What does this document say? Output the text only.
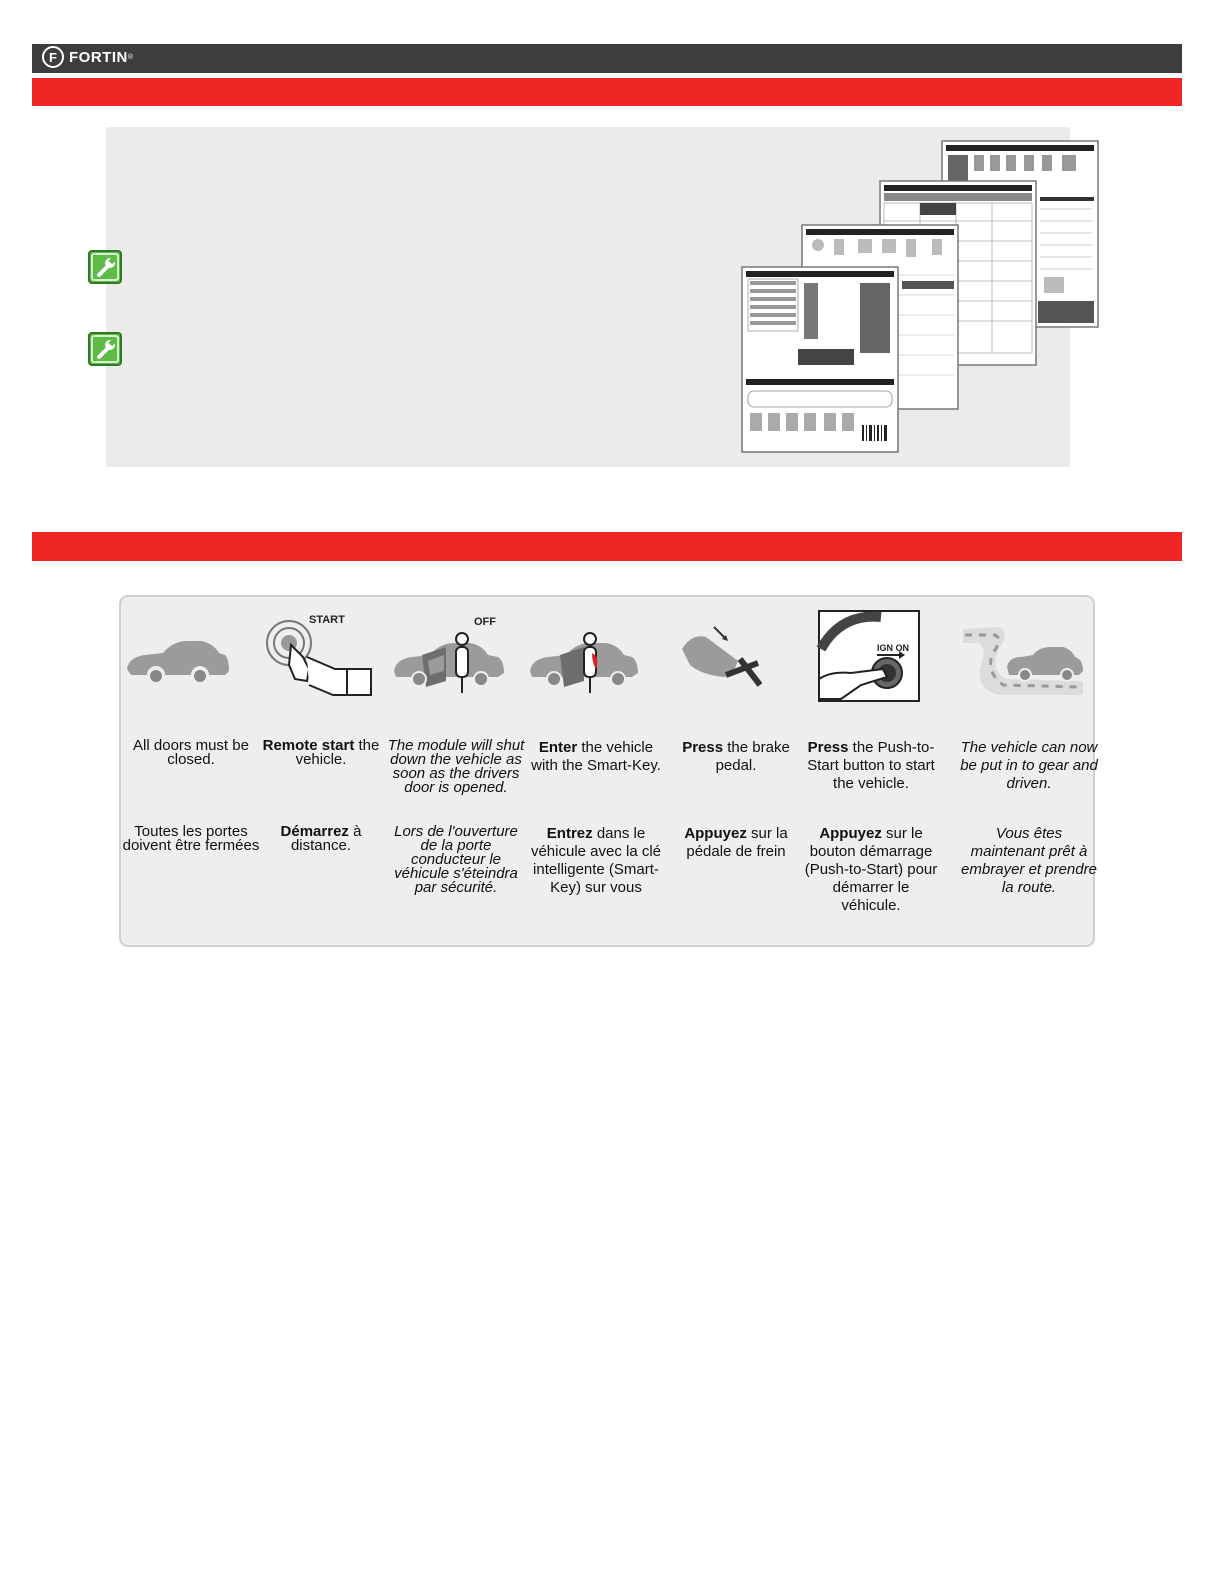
F FORTIN ®
All doors must be closed.
Toutes les portes doivent être fermées
START
Remote start the vehicle.
Démarrez à distance.
OFF
The module will shut down the vehicle as soon as the drivers door is opened.
Lors de l'ouverture de la porte conducteur le véhicule s'éteindra par sécurité.
Enter the vehicle with the Smart-Key.
Entrez dans le véhicule avec la clé intelligente (Smart-Key) sur vous
Press the brake pedal.
Appuyez sur la pédale de frein
IGN ON
Press the Push-to-Start button to start the vehicle.
Appuyez sur le bouton démarrage (Push-to-Start) pour démarrer le véhicule.
The vehicle can now be put in to gear and driven.
Vous êtes maintenant prêt à embrayer et prendre la route.
